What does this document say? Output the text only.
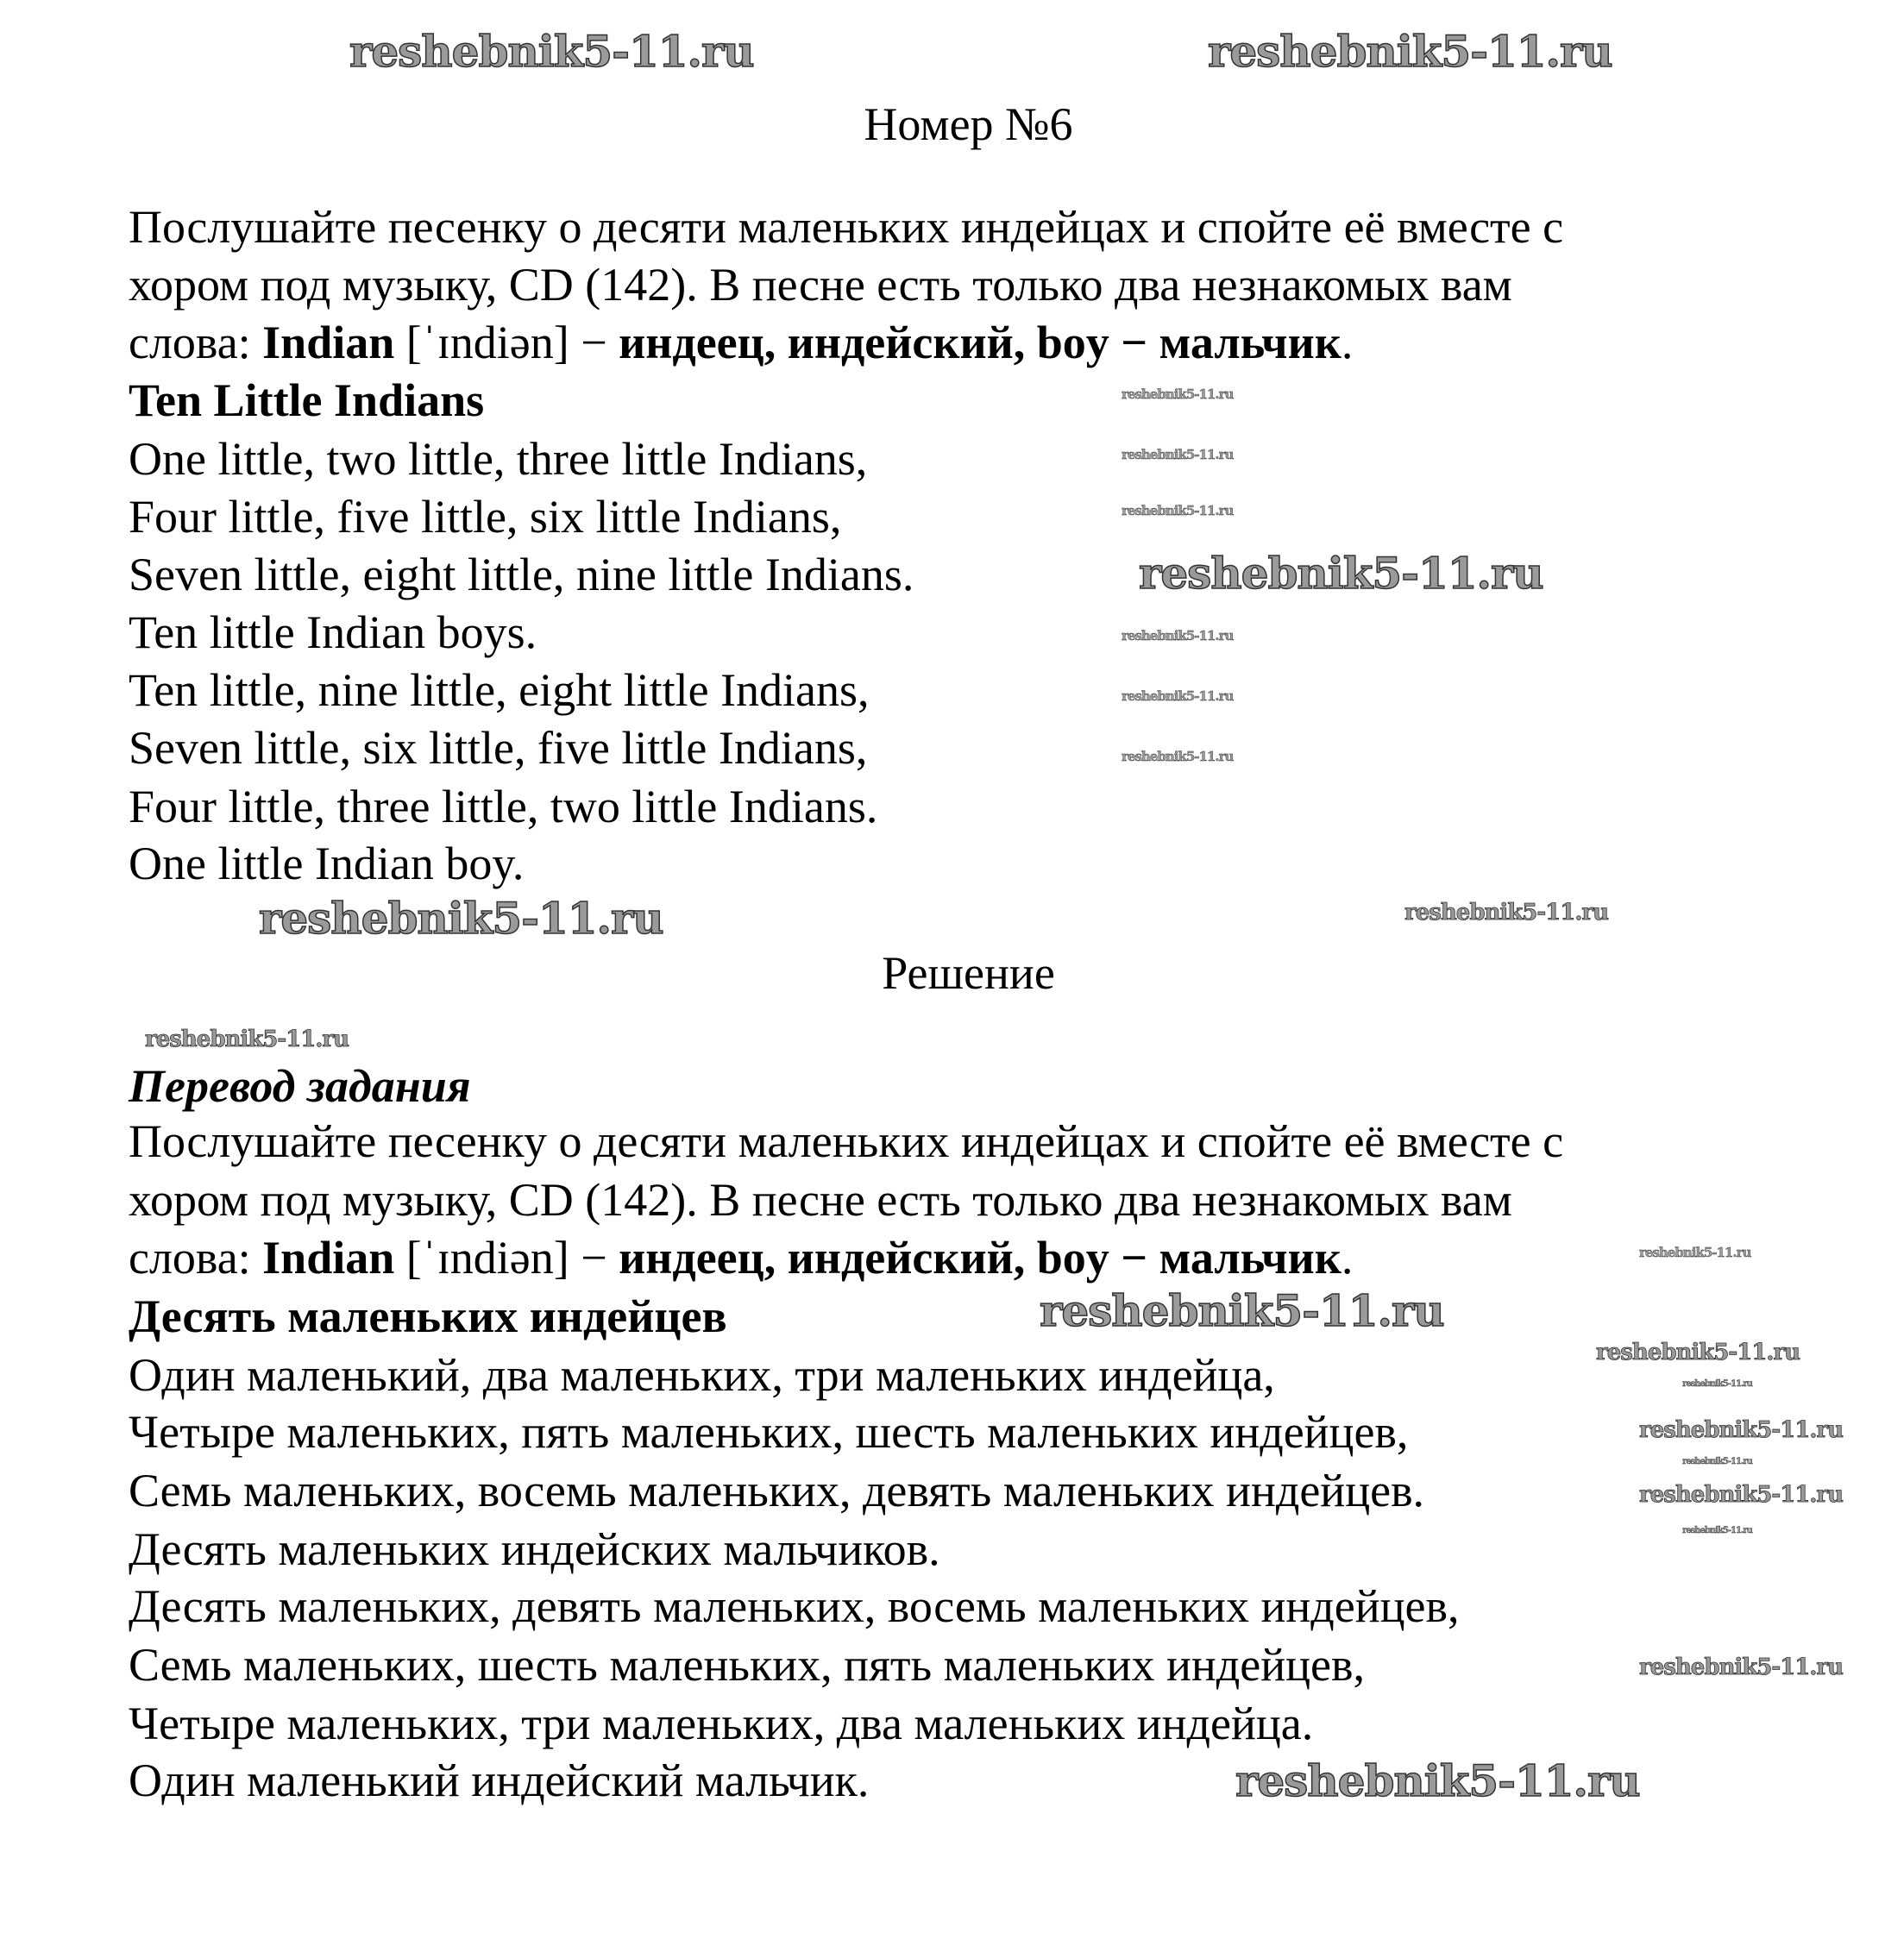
Номер №6
Послушайте песенку о десяти маленьких индейцах и спойте её вместе с
хором под музыку, CD (142). В песне есть только два незнакомых вам
слова: Indian [ˈɪndiən] − индеец, индейский, boy − мальчик.
Ten Little Indians
One little, two little, three little Indians,
Four little, five little, six little Indians,
Seven little, eight little, nine little Indians.
Ten little Indian boys.
Ten little, nine little, eight little Indians,
Seven little, six little, five little Indians,
Four little, three little, two little Indians.
One little Indian boy.
Решение
Перевод задания
Послушайте песенку о десяти маленьких индейцах и спойте её вместе с
хором под музыку, CD (142). В песне есть только два незнакомых вам
слова: Indian [ˈɪndiən] − индеец, индейский, boy − мальчик.
Десять маленьких индейцев
Один маленький, два маленьких, три маленьких индейца,
Четыре маленьких, пять маленьких, шесть маленьких индейцев,
Семь маленьких, восемь маленьких, девять маленьких индейцев.
Десять маленьких индейских мальчиков.
Десять маленьких, девять маленьких, восемь маленьких индейцев,
Семь маленьких, шесть маленьких, пять маленьких индейцев,
Четыре маленьких, три маленьких, два маленьких индейца.
Один маленький индейский мальчик.
reshebnik5-11.ru	reshebnik5-11.ru
reshebnik5-11.ru
reshebnik5-11.ru
reshebnik5-11.ru
reshebnik5-11.ru
reshebnik5-11.ru
reshebnik5-11.ru
reshebnik5-11.ru
reshebnik5-11.ru
reshebnik5-11.ru
reshebnik5-11.ru
reshebnik5-11.ru
reshebnik5-11.ru
reshebnik5-11.ru
reshebnik5-11.ru
reshebnik5-11.ru
reshebnik5-11.ru
reshebnik5-11.ru
reshebnik5-11.ru
reshebnik5-11.ru
reshebnik5-11.ru
